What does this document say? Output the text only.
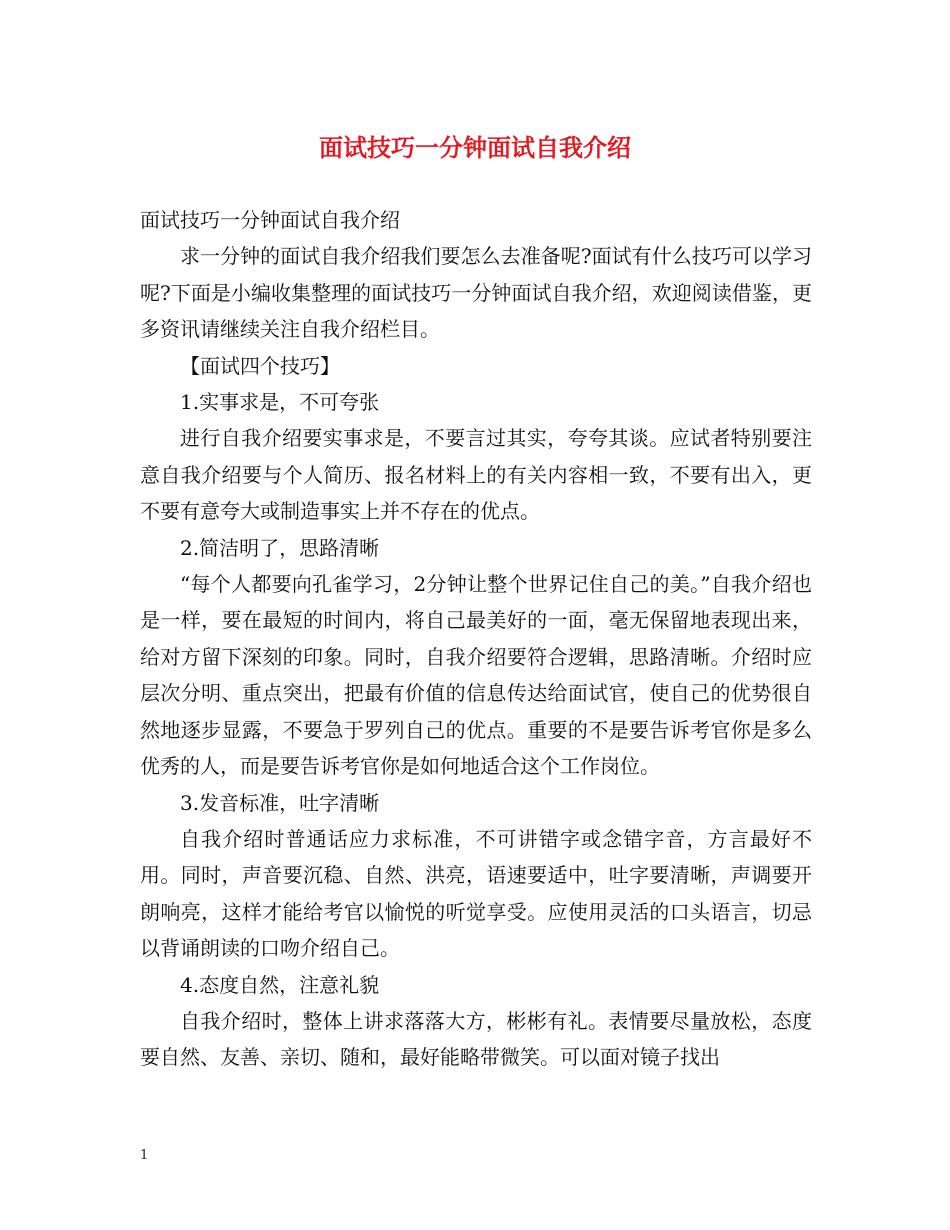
面试技巧一分钟面试自我介绍

面试技巧一分钟面试自我介绍

求一分钟的面试自我介绍我们要怎么去准备呢?面试有什么技巧可以学习呢?下面是小编收集整理的面试技巧一分钟面试自我介绍，欢迎阅读借鉴，更多资讯请继续关注自我介绍栏目。

【面试四个技巧】

1.实事求是，不可夸张

进行自我介绍要实事求是，不要言过其实，夸夸其谈。应试者特别要注意自我介绍要与个人简历、报名材料上的有关内容相一致，不要有出入，更不要有意夸大或制造事实上并不存在的优点。

2.简洁明了，思路清晰

“每个人都要向孔雀学习，2分钟让整个世界记住自己的美。”自我介绍也是一样，要在最短的时间内，将自己最美好的一面，毫无保留地表现出来，给对方留下深刻的印象。同时，自我介绍要符合逻辑，思路清晰。介绍时应层次分明、重点突出，把最有价值的信息传达给面试官，使自己的优势很自然地逐步显露，不要急于罗列自己的优点。重要的不是要告诉考官你是多么优秀的人，而是要告诉考官你是如何地适合这个工作岗位。

3.发音标准，吐字清晰

自我介绍时普通话应力求标准，不可讲错字或念错字音，方言最好不用。同时，声音要沉稳、自然、洪亮，语速要适中，吐字要清晰，声调要开朗响亮，这样才能给考官以愉悦的听觉享受。应使用灵活的口头语言，切忌以背诵朗读的口吻介绍自己。

4.态度自然，注意礼貌

自我介绍时，整体上讲求落落大方，彬彬有礼。表情要尽量放松，态度要自然、友善、亲切、随和，最好能略带微笑。可以面对镜子找出

1
